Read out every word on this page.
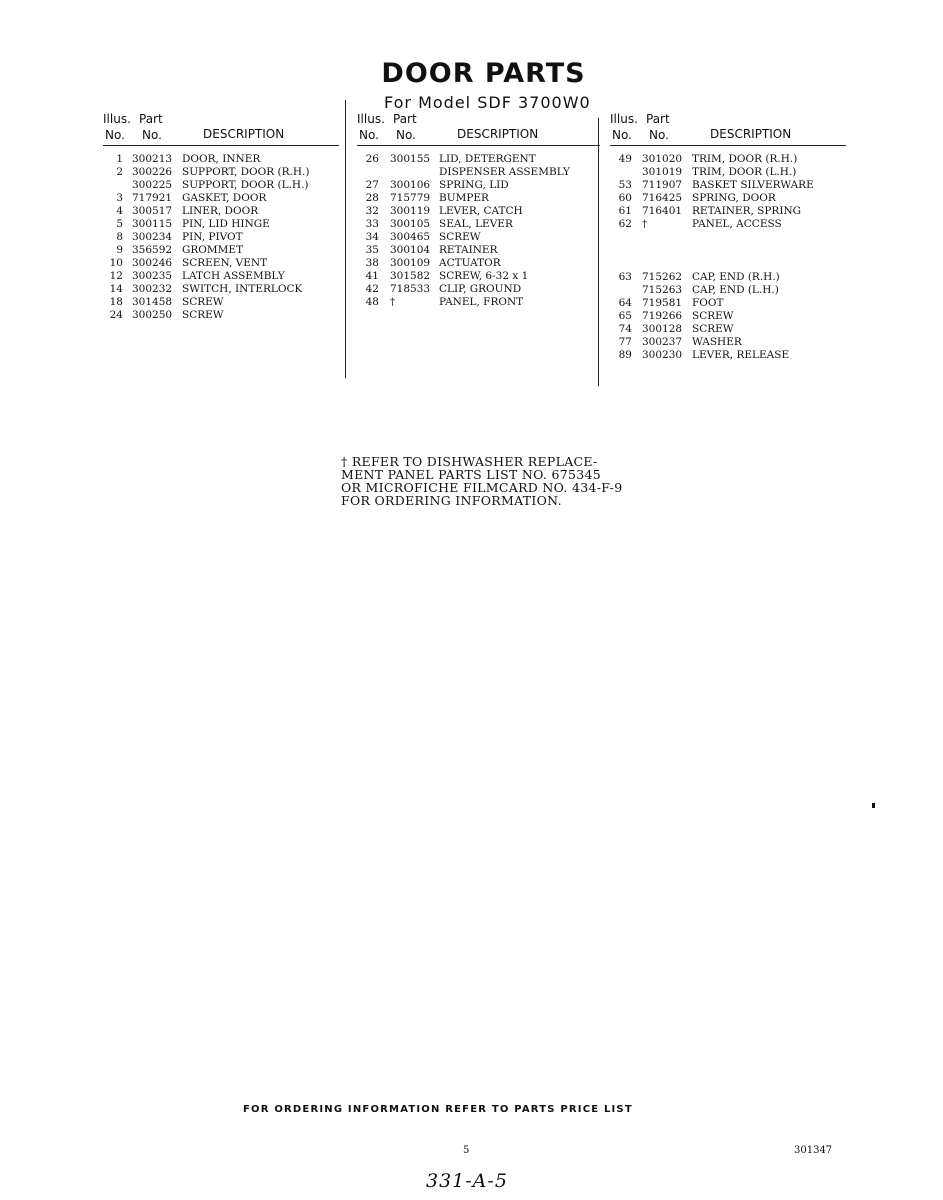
DOOR PARTS
For Model SDF 3700W0
Illus. Part
No. No.	DESCRIPTION
1 300213 DOOR, INNER
2 300226 SUPPORT, DOOR (R.H.)
300225 SUPPORT, DOOR (L.H.)
3 717921 GASKET, DOOR
4 300517 LINER, DOOR
5 300115 PIN, LID HINGE
8 300234 PIN, PIVOT
9 356592 GROMMET
10 300246 SCREEN, VENT
12 300235 LATCH ASSEMBLY
14 300232 SWITCH, INTERLOCK
18 301458 SCREW
24 300250 SCREW
Illus. Part
No. No.	DESCRIPTION
26 300155 LID, DETERGENT
DISPENSER ASSEMBLY
27 300106 SPRING, LID
28 715779 BUMPER
32 300119 LEVER, CATCH
33 300105 SEAL, LEVER
34 300465 SCREW
35 300104 RETAINER
38 300109 ACTUATOR
41 301582 SCREW, 6-32 x 1
42 718533 CLIP, GROUND
48 †	PANEL, FRONT
Illus. Part
No. No.	DESCRIPTION
49 301020 TRIM, DOOR (R.H.)
301019 TRIM, DOOR (L.H.)
53 711907 BASKET SILVERWARE
60 716425 SPRING, DOOR
61 716401 RETAINER, SPRING
62 †	PANEL, ACCESS
63 715262 CAP, END (R.H.)
715263 CAP, END (L.H.)
64 719581 FOOT
65 719266 SCREW
74 300128 SCREW
77 300237 WASHER
89 300230 LEVER, RELEASE
† REFER TO DISHWASHER REPLACE-
MENT PANEL PARTS LIST NO. 675345
OR MICROFICHE FILMCARD NO. 434-F-9
FOR ORDERING INFORMATION.
FOR ORDERING INFORMATION REFER TO PARTS PRICE LIST
5	301347
331-A-5
